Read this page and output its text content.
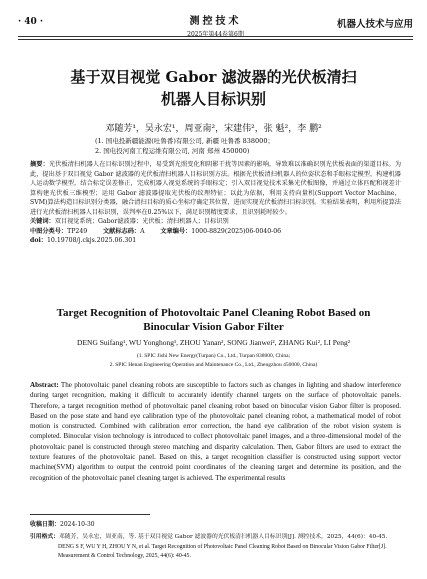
· 40 ·	测控技术
2025年第44卷第6期
机器人技术与应用
基于双目视觉 Gabor 滤波器的光伏板清扫
机器人目标识别
邓随芳¹，吴永宏¹，周亚南²，宋建伟²，张 魁²，李 鹏²
(1. 国电投新疆能源(吐鲁番)有限公司, 新疆 吐鲁番 838000；
2. 国电投河南工程运维有限公司, 河南 郑州 450000)
摘要：光伏板清扫机器人在目标识别过程中，易受到光照变化和阴影干扰等因素的影响，导致难以准确识别光伏板表面的渠道目标。为此，提出基于双目视觉 Gabor 滤波器的光伏板清扫机器人目标识别方法。根据光伏板清扫机器人的位姿状态和手眼标定模型，构建机器人运动数学模型，结合标定误差修正，完成机器人视觉系统的手眼标定；引入双目视觉技术采集光伏板图像，并通过立体匹配和视差计算构建光伏板三维模型；运用 Gabor 滤波器提取光伏板的纹理特征；以此为依据，利用支持向量机(Support Vector Machine，SVM)算法构造目标识别分类器，融合清扫目标的质心坐标疗确定其位置，进而实现光伏板清扫目标识别。实验结果表明，利用所提算法进行光伏板清扫机器人目标识别，误判率在0.25%以下，满足识别精度要求，且识别耗时较少。
关键词：双目视觉系统；Gabor滤波器；光伏板；清扫机器人；目标识别
中图分类号：TP249	文献标志码：A	文章编号：1000-8829(2025)06-0040-06
doi：10.19708/j.ckjs.2025.06.301
Target Recognition of Photovoltaic Panel Cleaning Robot Based on
Binocular Vision Gabor Filter
DENG Suifang¹, WU Yonghong¹, ZHOU Yanan², SONG Jianwei², ZHANG Kui², LI Peng²
(1. SPIC Jishi New Energy(Turpan) Co., Ltd., Turpan 838000, China;
2. SPIC Henan Engineering Operation and Maintenance Co., Ltd., Zhengzhou 450000, China)
Abstract: The photovoltaic panel cleaning robots are susceptible to factors such as changes in lighting and shadow interference during target recognition, making it difficult to accurately identify channel targets on the surface of photovoltaic panels. Therefore, a target recognition method of photovoltaic panel cleaning robot based on binocular vision Gabor filter is proposed. Based on the pose state and hand eye calibration type of the photovoltaic panel cleaning robot, a mathematical model of robot motion is constructed. Combined with calibration error correction, the hand eye calibration of the robot vision system is completed. Binocular vision technology is introduced to collect photovoltaic panel images, and a three-dimensional model of the photovoltaic panel is constructed through stereo matching and disparity calculation. Then, Gabor filters are used to extract the texture features of the photovoltaic panel. Based on this, a target recognition classifier is constructed using support vector machine(SVM) algorithm to output the centroid point coordinates of the cleaning target and determine its position, and the recognition of the photovoltaic panel cleaning target is achieved. The experimental results
收稿日期：2024-10-30
引用格式：邓随芳，吴永宏，周亚南，等. 基于双目视觉 Gabor 滤波器的光伏板清扫机器人目标识别[J]. 测控技术，2025，44(6)：40-45.
DENG S F, WU Y H, ZHOU Y N, et al. Target Recognition of Photovoltaic Panel Cleaning Robot Based on Binocular Vision Gabor Filter[J]. Measurement & Control Technology, 2025, 44(6): 40-45.
